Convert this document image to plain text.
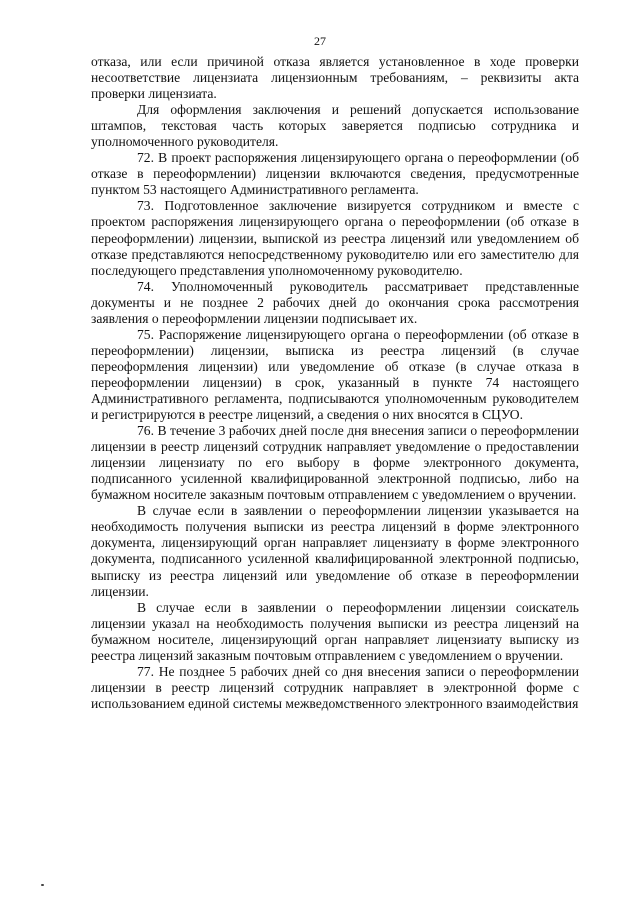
27

отказа, или если причиной отказа является установленное в ходе проверки несоответствие лицензиата лицензионным требованиям, – реквизиты акта проверки лицензиата.

Для оформления заключения и решений допускается использование штампов, текстовая часть которых заверяется подписью сотрудника и уполномоченного руководителя.

72. В проект распоряжения лицензирующего органа о переоформлении (об отказе в переоформлении) лицензии включаются сведения, предусмотренные пунктом 53 настоящего Административного регламента.

73. Подготовленное заключение визируется сотрудником и вместе с проектом распоряжения лицензирующего органа о переоформлении (об отказе в переоформлении) лицензии, выпиской из реестра лицензий или уведомлением об отказе представляются непосредственному руководителю или его заместителю для последующего представления уполномоченному руководителю.

74. Уполномоченный руководитель рассматривает представленные документы и не позднее 2 рабочих дней до окончания срока рассмотрения заявления о переоформлении лицензии подписывает их.

75. Распоряжение лицензирующего органа о переоформлении (об отказе в переоформлении) лицензии, выписка из реестра лицензий (в случае переоформления лицензии) или уведомление об отказе (в случае отказа в переоформлении лицензии) в срок, указанный в пункте 74 настоящего Административного регламента, подписываются уполномоченным руководителем и регистрируются в реестре лицензий, а сведения о них вносятся в СЦУО.

76. В течение 3 рабочих дней после дня внесения записи о переоформлении лицензии в реестр лицензий сотрудник направляет уведомление о предоставлении лицензии лицензиату по его выбору в форме электронного документа, подписанного усиленной квалифицированной электронной подписью, либо на бумажном носителе заказным почтовым отправлением с уведомлением о вручении.

В случае если в заявлении о переоформлении лицензии указывается на необходимость получения выписки из реестра лицензий в форме электронного документа, лицензирующий орган направляет лицензиату в форме электронного документа, подписанного усиленной квалифицированной электронной подписью, выписку из реестра лицензий или уведомление об отказе в переоформлении лицензии.

В случае если в заявлении о переоформлении лицензии соискатель лицензии указал на необходимость получения выписки из реестра лицензий на бумажном носителе, лицензирующий орган направляет лицензиату выписку из реестра лицензий заказным почтовым отправлением с уведомлением о вручении.

77. Не позднее 5 рабочих дней со дня внесения записи о переоформлении лицензии в реестр лицензий сотрудник направляет в электронной форме с использованием единой системы межведомственного электронного взаимодействия
